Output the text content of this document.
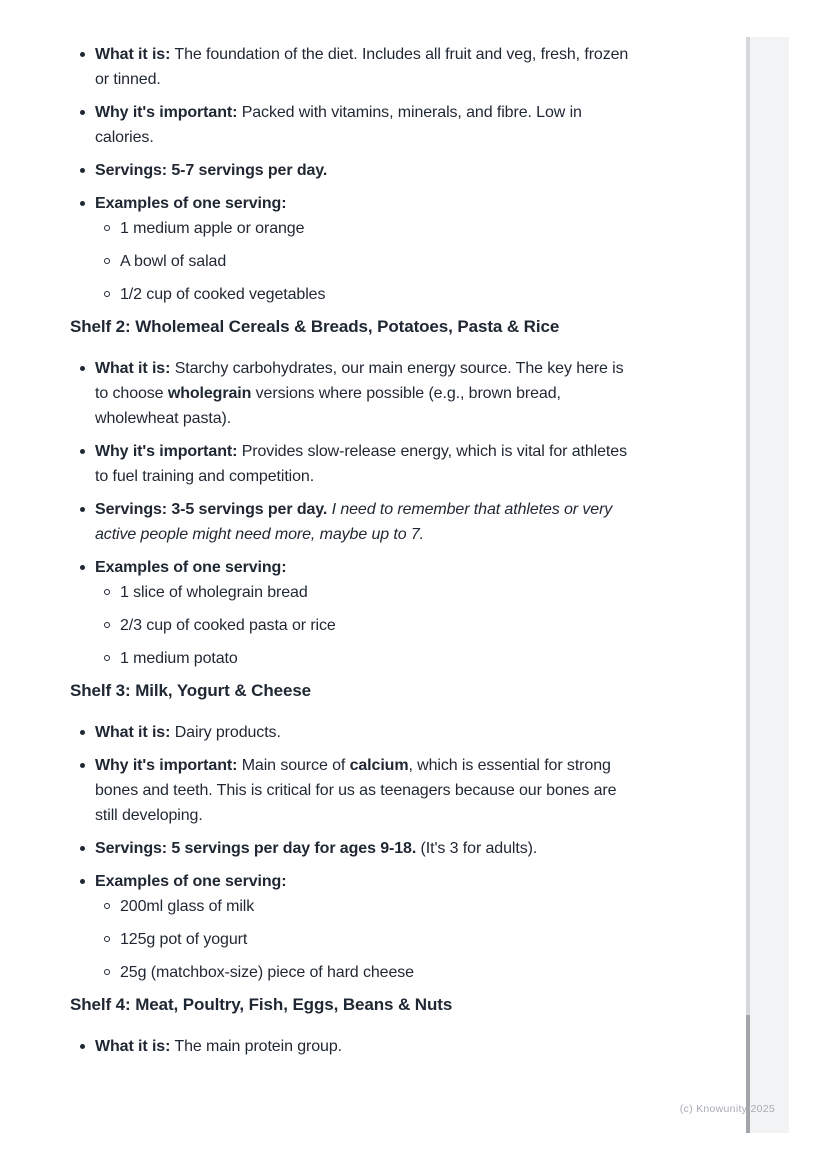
What it is: The foundation of the diet. Includes all fruit and veg, fresh, frozen or tinned.
Why it's important: Packed with vitamins, minerals, and fibre. Low in calories.
Servings: 5-7 servings per day.
Examples of one serving:
1 medium apple or orange
A bowl of salad
1/2 cup of cooked vegetables
Shelf 2: Wholemeal Cereals & Breads, Potatoes, Pasta & Rice
What it is: Starchy carbohydrates, our main energy source. The key here is to choose wholegrain versions where possible (e.g., brown bread, wholewheat pasta).
Why it's important: Provides slow-release energy, which is vital for athletes to fuel training and competition.
Servings: 3-5 servings per day. I need to remember that athletes or very active people might need more, maybe up to 7.
Examples of one serving:
1 slice of wholegrain bread
2/3 cup of cooked pasta or rice
1 medium potato
Shelf 3: Milk, Yogurt & Cheese
What it is: Dairy products.
Why it's important: Main source of calcium, which is essential for strong bones and teeth. This is critical for us as teenagers because our bones are still developing.
Servings: 5 servings per day for ages 9-18. (It's 3 for adults).
Examples of one serving:
200ml glass of milk
125g pot of yogurt
25g (matchbox-size) piece of hard cheese
Shelf 4: Meat, Poultry, Fish, Eggs, Beans & Nuts
What it is: The main protein group.
(c) Knowunity 2025
